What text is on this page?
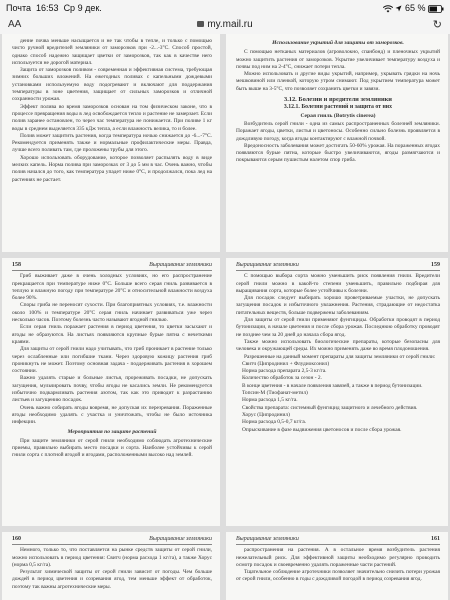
Почта 16:53 Ср 9 дек.	65 %
AA	my.mail.ru	↻

дение почва меньше насыщается и не так чтобы в тепле, и только с помощью чисто ручной вредителей земляники от заморозков при -2...-3°С. Способ простой, однако способ надежно защищает цветки от заморозков, так как в качестве него используется не дорогой материал.

Защита от заморозков поливом - современная и эффективная система, требующая зимних больших вложений. На ежегодных поливах с капельными дождевыми установками используемую воду подогревают и включают для поддержания температуры в зоне цветения, защищает от сильных заморозков и отличной сохранности урожая.

Эффект полива во время заморозков основан на том физическом законе, что в процессе превращения воды в лед освобождается тепло и растение не замерзает. Если полив заранее остановлен, то через час температура не понижается. При поливе 1 кг воды в среднем выделяется 335 кДж тепла, а если влажность велика, то и более.

Полив может защитить растения, когда температура ночью снижается до -6...-7°С. Рекомендуется применять также и нормальные профилактические меры. Правда, лучше всего поливать там, где проложены трубы для этого.

Хорошо использовать оборудование, которое позволяет распылять воду в виде мелких капель. Норма полива при заморозках от 3 до 5 мм в час. Очень важно, чтобы полив начался до того, как температура упадет ниже 0°С, и продолжался, пока лед на растениях не растает.

Использование укрытий для защиты от заморозков.

С помощью нетканых материалов (агроволокно, спанбонд) и пленочных укрытий можно защитить растения от заморозков. Укрытие увеличивает температуру воздуха и почвы под ним на 2-4°С, снижает потери тепла.

Можно использовать и другие виды укрытий, например, укрывать грядки на ночь мешковиной или пленкой, которую утром снимают. Под укрытием температура может быть выше на 3-5°С, что позволяет сохранить цветки и завязи.

3.12. Болезни и вредители земляники

3.12.1. Болезни растений и защита от них

Серая гниль (Botrytis cinerea)

Возбудитель серой гнили - одна из самых распространенных болезней земляники. Поражает ягоды, цветки, листья и цветоносы. Особенно сильно болезнь проявляется в дождливую погоду, когда ягоды контактируют с влажной почвой.

Вредоносность заболевания может достигать 50-60% урожая. На пораженных ягодах появляются бурые пятна, которые быстро увеличиваются, ягоды размягчаются и покрываются серым пушистым налетом спор гриба.

158	Выращивание земляники

Гриб выживает даже в очень холодных условиях, но его распространение прекращается при температуре ниже 0°С. Больше всего серая гниль развивается в теплую и влажную погоду при температуре 20°С и относительной влажности воздуха более 90%.

Споры гриба не переносят сухости. При благоприятных условиях, т.е. влажности около 100% и температуре 20°С серая гниль начинает развиваться уже через несколько часов. Поэтому болезнь часто называют ягодной гнилью.

Если серая гниль поражает растения в период цветения, то цветки засыхают и ягоды не образуются. На листьях появляются крупные бурые пятна с нечеткими краями.

Для защиты от серой гнили надо учитывать, что гриб проникает в растение только через ослабленные или погибшие ткани. Через здоровую кожицу растения гриб проникнуть не может. Поэтому основная задача - поддерживать растения в хорошем состоянии.

Важно удалять старые и больные листья, прореживать посадки, не допускать загущения, мульчировать почву, чтобы ягоды не касались земли. Не рекомендуется избыточно подкармливать растения азотом, так как это приводит к разрастанию листьев и загущению посадок.

Очень важно собирать ягоды вовремя, не допуская их перезревания. Пораженные ягоды необходимо удалять с участка и уничтожать, чтобы не было источника инфекции.

Мероприятия по защите растений

При защите земляники от серой гнили необходимо соблюдать агротехнические приемы, правильно выбирать место посадки и сорта. Наиболее устойчивы к серой гнили сорта с плотной ягодой и ягодами, расположенными высоко над землей.

Выращивание земляники	159

С помощью выбора сорта можно уменьшить риск появления гнили. Вредители серой гнили можно в какой-то степени уменьшить, правильно подбирая для выращивания сорта, которые более устойчивы к болезни.

Для посадок следует выбирать хорошо проветриваемые участки, не допускать загущения посадок и избыточного увлажнения. Растения, страдающие от недостатка питательных веществ, больше подвержены заболеваниям.

Для защиты от серой гнили применяют фунгициды. Обработки проводят в период бутонизации, в начале цветения и после сбора урожая. Последнюю обработку проводят не позднее чем за 20 дней до начала сбора ягод.

Также можно использовать биологические препараты, которые безопасны для человека и окружающей среды. Их можно применять даже во время плодоношения.

Разрешенные на данный момент препараты для защиты земляники от серой гнили:

Свитч (Ципродинил + Флудиоксонил)

Норма расхода препарата 2,5-3 кг/га.

Количество обработок за сезон - 2.

В конце цветения - в начале появления завязей, а также в период бутонизации.

Топсин-М (Тиофанат-метил)

Норма расхода 1,5 кг/га.

Свойства препарата: системный фунгицид защитного и лечебного действия.

Хорус (Ципродинил)

Норма расхода 0,5-0,7 кг/га.

Опрыскивание в фазе выдвижения цветоносов и после сбора урожая.

160	Выращивание земляники

Немного, только то, что поставляется на рынке средств защиты от серой гнили, можно использовать в период цветения: Свитч (норма расхода 1 кг/га), а также Хорус (норма 0,5 кг/га).

Результат химической защиты от серой гнили зависит от погоды. Чем больше дождей в период цветения и созревания ягод, тем меньше эффект от обработок, поэтому так важны агротехнические меры.

Выращивание земляники	161

распространения на растения. А в остальное время возбудитель растения нежелательный риск. Для эффективной защиты необходимо регулярно проводить осмотр посадок и своевременно удалять пораженные части растений.

Тщательное соблюдение агротехники позволяет значительно снизить потери урожая от серой гнили, особенно в годы с дождливой погодой в период созревания ягод.
